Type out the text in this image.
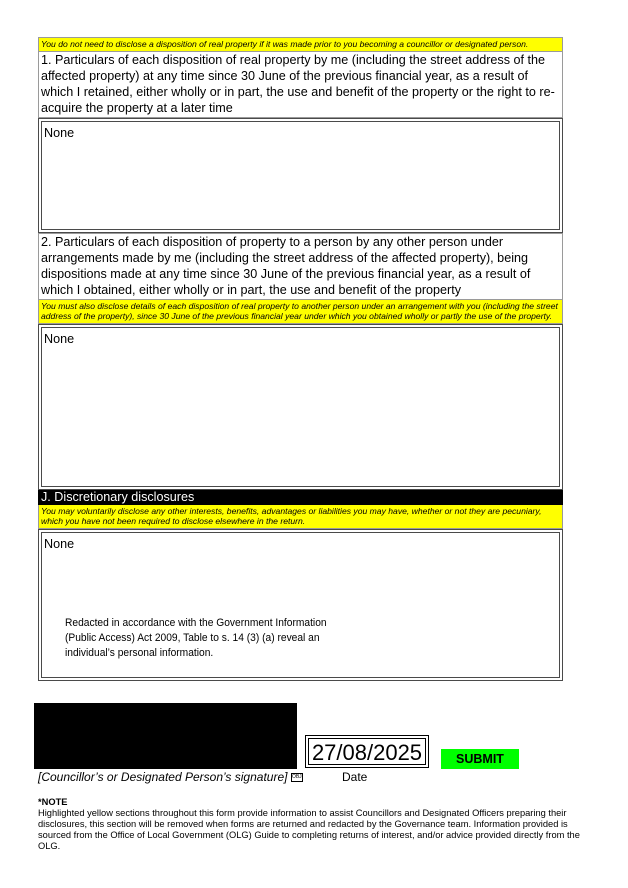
You do not need to disclose a disposition of real property if it was made prior to you becoming a councillor or designated person.
1. Particulars of each disposition of real property by me (including the street address of the affected property) at any time since 30 June of the previous financial year, as a result of which I retained, either wholly or in part, the use and benefit of the property or the right to re-acquire the property at a later time
None
2. Particulars of each disposition of property to a person by any other person under arrangements made by me (including the street address of the affected property), being dispositions made at any time since 30 June of the previous financial year, as a result of which I obtained, either wholly or in part, the use and benefit of the property
You must also disclose details of each disposition of real property to another person under an arrangement with you (including the street address of the property), since 30 June of the previous financial year under which you obtained wholly or partly the use of the property.
None
J. Discretionary disclosures
You may voluntarily disclose any other interests, benefits, advantages or liabilities you may have, whether or not they are pecuniary, which you have not been required to disclose elsewhere in the return.
None
Redacted in accordance with the Government Information (Public Access) Act 2009, Table to s. 14 (3) (a) reveal an individual’s personal information.
27/08/2025	SUBMIT
[Councillor’s or Designated Person’s signature] OBJ	Date
*NOTE
Highlighted yellow sections throughout this form provide information to assist Councillors and Designated Officers preparing their disclosures, this section will be removed when forms are returned and redacted by the Governance team. Information provided is sourced from the Office of Local Government (OLG) Guide to completing returns of interest, and/or advice provided directly from the OLG.
